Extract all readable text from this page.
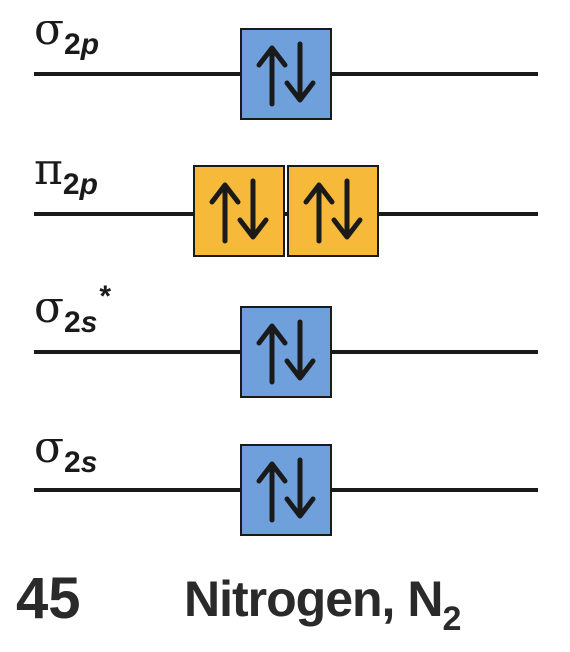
σ2p
π2p
σ2s*
σ2s
45 Nitrogen, $N_2$
